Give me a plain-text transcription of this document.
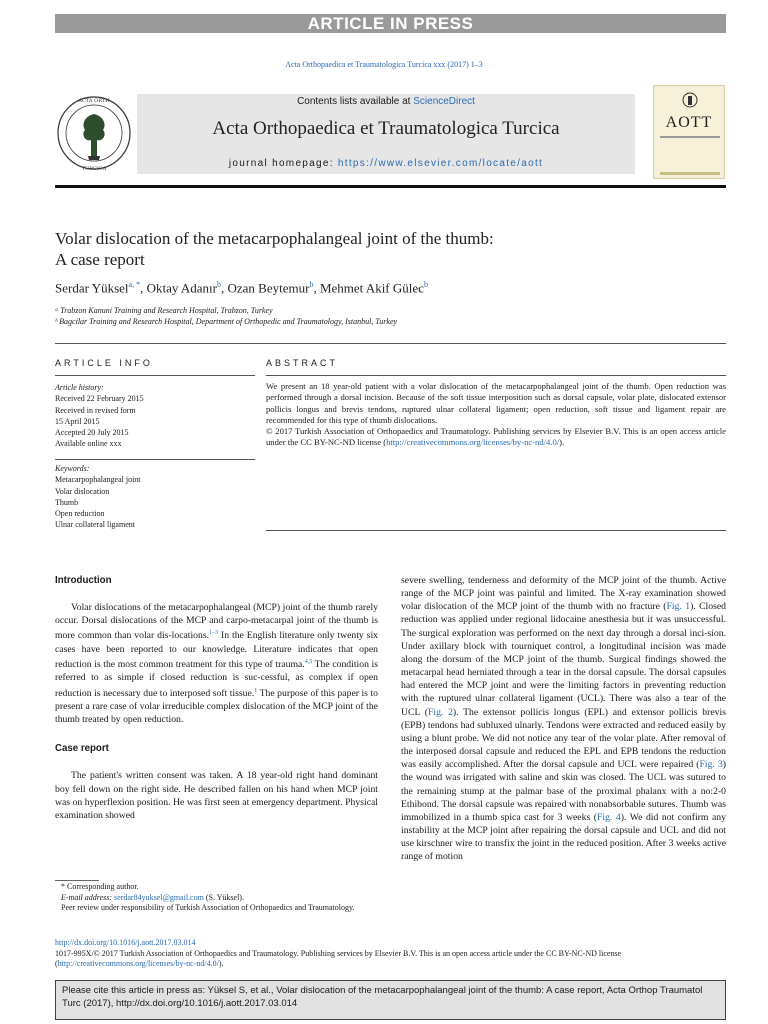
ARTICLE IN PRESS
Acta Orthopaedica et Traumatologica Turcica xxx (2017) 1–3
ACTA ORTH
TURCICA
Contents lists available at ScienceDirect
Acta Orthopaedica et Traumatologica Turcica
journal homepage: https://www.elsevier.com/locate/aott
AOTT
Volar dislocation of the metacarpophalangeal joint of the thumb:
A case report
Serdar Yüksel$^{a, *}$, Oktay Adanır$^b$, Ozan Beytemur$^b$, Mehmet Akif Gülec$^b$
ᵃ Trabzon Kanuni Training and Research Hospital, Trabzon, Turkey
ᵇ Bagcilar Training and Research Hospital, Department of Orthopedic and Traumatology, Istanbul, Turkey
ARTICLE INFO	ABSTRACT
Article history:
Received 22 February 2015
Received in revised form
15 April 2015
Accepted 20 July 2015
Available online xxx
Keywords:
Metacarpophalangeal joint
Volar dislocation
Thumb
Open reduction
Ulnar collateral ligament
We present an 18 year-old patient with a volar dislocation of the metacarpophalangeal joint of the thumb. Open reduction was performed through a dorsal incision. Because of the soft tissue interposition such as dorsal capsule, volar plate, dislocated extensor pollicis longus and brevis tendons, ruptured ulnar collateral ligament; open reduction, soft tissue and ligament repair are recommended for this type of thumb dislocations.
© 2017 Turkish Association of Orthopaedics and Traumatology. Publishing services by Elsevier B.V. This is an open access article under the CC BY-NC-ND license (http://creativecommons.org/licenses/by-nc-nd/4.0/).
Introduction

Volar dislocations of the metacarpophalangeal (MCP) joint of the thumb rarely occur. Dorsal dislocations of the MCP and carpo-metacarpal joint of the thumb is more common than volar dis-locations.$^{1-3}$ In the English literature only twenty six cases have been reported to our knowledge. Literature indicates that open reduction is the most common treatment for this type of trauma.$^{4,5}$ The condition is referred to as simple if closed reduction is suc-cessful, as complex if open reduction is necessary due to interposed soft tissue.$^1$ The purpose of this paper is to present a rare case of volar irreducible complex dislocation of the MCP joint of the thumb treated by open reduction.

Case report

The patient's written consent was taken. A 18 year-old right hand dominant boy fell down on the right side. He described fallen on his hand when MCP joint was on hyperflexion position. He was first seen at emergency department. Physical examination showed

severe swelling, tenderness and deformity of the MCP joint of the thumb. Active range of the MCP joint was painful and limited. The X-ray examination showed volar dislocation of the MCP joint of the thumb with no fracture (Fig. 1). Closed reduction was applied under regional lidocaine anesthesia but it was unsuccessful. The surgical exploration was performed on the next day through a dorsal inci-sion. Under axillary block with tourniquet control, a longitudinal incision was made along the dorsum of the MCP joint of the thumb. Surgical findings showed the metacarpal head herniated through a tear in the dorsal capsule. The dorsal capsules had entered the MCP joint and were the limiting factors in preventing reduction with the ruptured ulnar collateral ligament (UCL). There was also a tear of the UCL (Fig. 2). The extensor pollicis longus (EPL) and extensor pollicis brevis (EPB) tendons had subluxed ulnarly. Tendons were extracted and reduced easily by using a blunt probe. We did not notice any tear of the volar plate. After removal of the interposed dorsal capsule and reduced the EPL and EPB tendons the reduction was easily accomplished. After the dorsal capsule and UCL were repaired (Fig. 3) the wound was irrigated with saline and skin was closed. The UCL was sutured to the remaining stump at the palmar base of the proximal phalanx with a no:2-0 Ethibond. The dorsal capsule was repaired with nonabsorbable sutures. Thumb was immobilized in a thumb spica cast for 3 weeks (Fig. 4). We did not confirm any instability at the MCP joint after repairing the dorsal capsule and UCL and did not use kirschner wire to transfix the joint in the reduced position. After 3 weeks active range of motion

* Corresponding author.
E-mail address: serdar84yuksel@gmail.com (S. Yüksel).
Peer review under responsibility of Turkish Association of Orthopaedics and Traumatology.
http://dx.doi.org/10.1016/j.aott.2017.03.014
1017-995X/© 2017 Turkish Association of Orthopaedics and Traumatology. Publishing services by Elsevier B.V. This is an open access article under the CC BY-NC-ND license
(http://creativecommons.org/licenses/by-nc-nd/4.0/).
Please cite this article in press as: Yüksel S, et al., Volar dislocation of the metacarpophalangeal joint of the thumb: A case report, Acta Orthop Traumatol Turc (2017), http://dx.doi.org/10.1016/j.aott.2017.03.014
